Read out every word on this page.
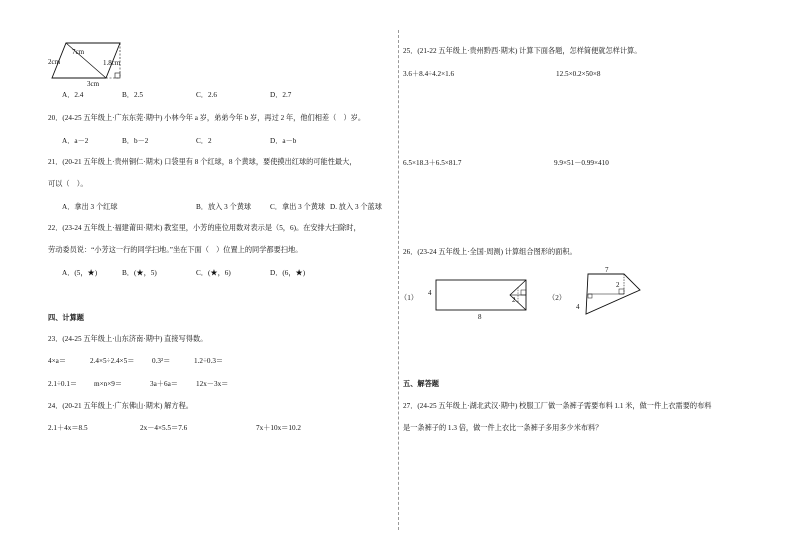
7cm
2cm	1.8cm
3cm
A．2.4	B．2.5	C．2.6	D．2.7
20．(24-25 五年级上·广东东莞·期中) 小林今年 a 岁，弟弟今年 b 岁，再过 2 年，他们相差（　）岁。
A．a－2	B．b－2	C．2	D．a－b
21．(20-21 五年级上·贵州铜仁·期末) 口袋里有 8 个红球，8 个黄球，要使摸出红球的可能性最大，
可以（　）。
A．拿出 3 个红球	B．放入 3 个黄球	C．拿出 3 个黄球 D. 放入 3 个蓝球
22．(23-24 五年级上·福建莆田·期末) 教室里，小芳的座位用数对表示是（5，6)。在安排大扫除时，
劳动委员说：“小芳这一行的同学扫地。”坐在下面（　）位置上的同学都要扫地。
A．(5，★)	B．(★，5)	C．(★，6)	D．(6，★)
四、计算题
23．(24-25 五年级上·山东济南·期中) 直接写得数。
4×a＝	2.4×5÷2.4×5＝ 0.3²＝	1.2÷0.3＝
2.1÷0.1＝ m×n×9＝	3a＋6a＝	12x－3x＝
24．(20-21 五年级上·广东佛山·期末) 解方程。
2.1＋4x＝8.5	2x－4×5.5＝7.6	7x＋10x＝10.2
25．(21-22 五年级上·贵州黔西·期末) 计算下面各题，怎样简便就怎样计算。
3.6＋8.4÷4.2×1.6	12.5×0.2×50×8
6.5×18.3＋6.5×81.7	9.9×51－0.99×410
26．(23-24 五年级上·全国·周测) 计算组合图形的面积。
（1）
4
8
2	（2）
7
2
4
五、解答题
27．(24-25 五年级上·湖北武汉·期中) 校服工厂做一条裤子需要布料 1.1 米，做一件上衣需要的布料
是一条裤子的 1.3 倍，做一件上衣比一条裤子多用多少米布料？
